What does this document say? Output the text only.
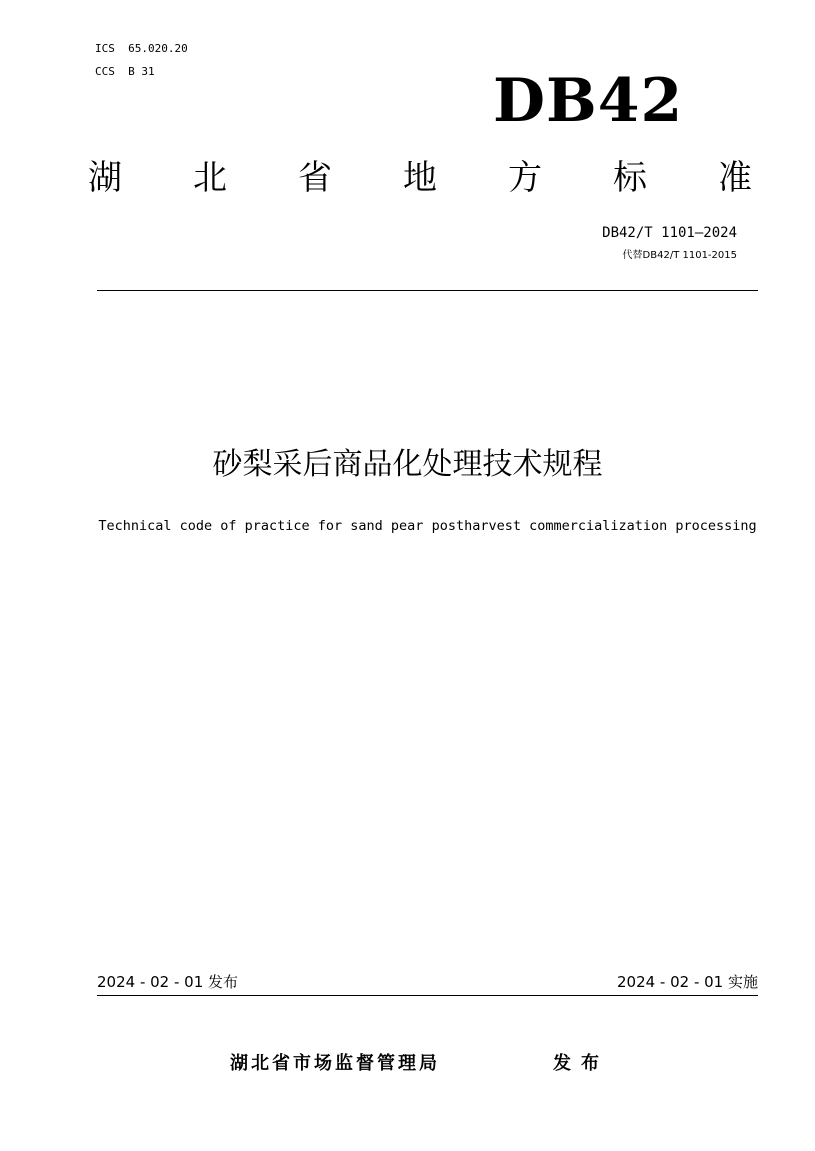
ICS  65.020.20
CCS  B 31	DB42
湖 北 省 地 方 标 准
DB42/T 1101—2024
代替DB42/T 1101-2015
砂梨采后商品化处理技术规程
Technical code of practice for sand pear postharvest commercialization processing
2024 - 02 - 01 发布	2024 - 02 - 01 实施
湖北省市场监督管理局	发布
